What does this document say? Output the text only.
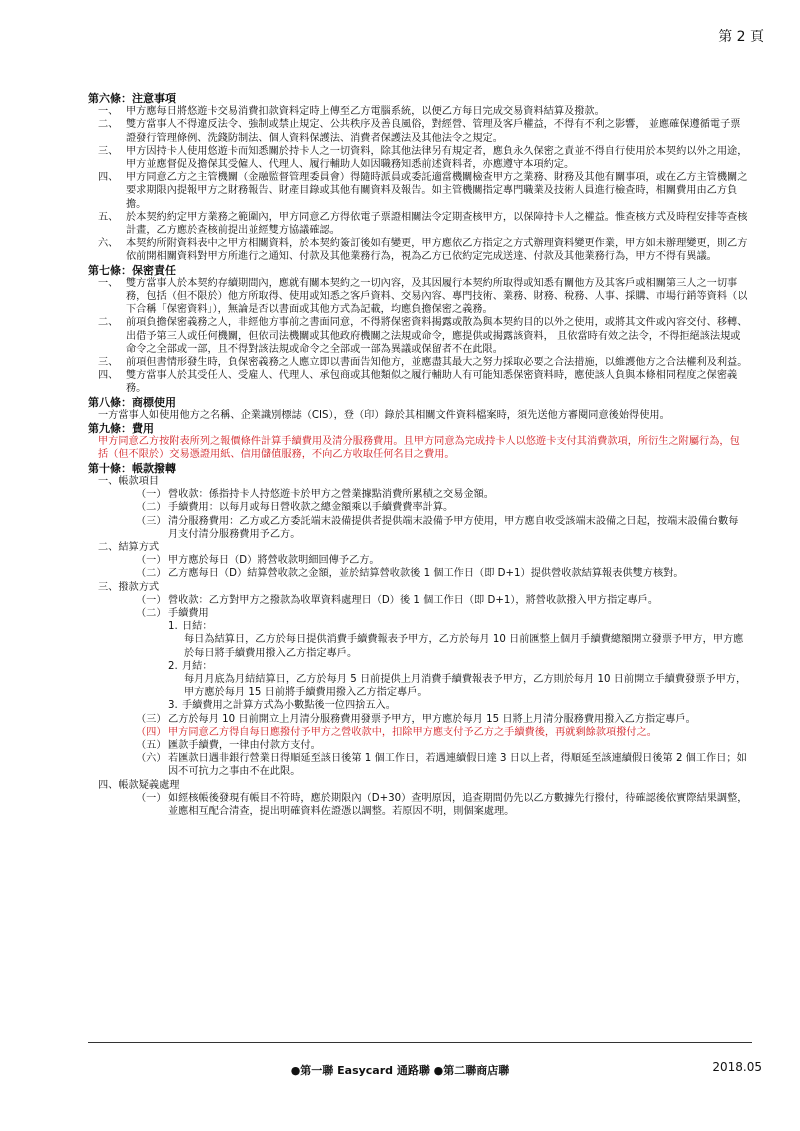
第 2 頁
第六條：注意事項
一、 甲方應每日將悠遊卡交易消費扣款資料定時上傳至乙方電腦系統，以便乙方每日完成交易資料結算及撥款。
二、 雙方當事人不得違反法令、強制或禁止規定、公共秩序及善良風俗，對經營、管理及客戶權益，不得有不利之影響， 並應確保遵循電子票證發行管理條例、洗錢防制法、個人資料保護法、消費者保護法及其他法令之規定。
三、 甲方因持卡人使用悠遊卡而知悉關於持卡人之一切資料，除其他法律另有規定者，應負永久保密之責並不得自行使用於本契約以外之用途，甲方並應督促及擔保其受僱人、代理人、履行輔助人如因職務知悉前述資料者，亦應遵守本項約定。
四、 甲方同意乙方之主管機關（金融監督管理委員會）得隨時派員或委託適當機關檢查甲方之業務、財務及其他有關事項，或在乙方主管機關之要求期限內提報甲方之財務報告、財產目錄或其他有關資料及報告。如主管機關指定專門職業及技術人員進行檢查時，相關費用由乙方負擔。
五、 於本契約約定甲方業務之範圍內，甲方同意乙方得依電子票證相關法令定期查核甲方，以保障持卡人之權益。惟查核方式及時程安排等查核計畫，乙方應於查核前提出並經雙方協議確認。
六、 本契約所附資料表中之甲方相關資料，於本契約簽訂後如有變更，甲方應依乙方指定之方式辦理資料變更作業，甲方如未辦理變更，則乙方依前開相關資料對甲方所進行之通知、付款及其他業務行為，視為乙方已依約定完成送達、付款及其他業務行為，甲方不得有異議。
第七條：保密責任
一、 雙方當事人於本契約存續期間內，應就有關本契約之一切內容，及其因履行本契約所取得或知悉有關他方及其客戶或相關第三人之一切事務，包括（但不限於）他方所取得、使用或知悉之客戶資料、交易內容、專門技術、業務、財務、稅務、人事、採購、市場行銷等資料（以下合稱「保密資料」），無論是否以書面或其他方式為記載，均應負擔保密之義務。
二、 前項負擔保密義務之人，非經他方事前之書面同意，不得將保密資料揭露或散為與本契約目的以外之使用，或將其文件或內容交付、移轉、出借予第三人或任何機關，但依司法機關或其他政府機關之法規或命令，應提供或揭露該資料， 且依當時有效之法令，不得拒絕該法規或命令之全部或一部，且不得對該法規或命令之全部或一部為異議或保留者不在此限。
三、 前項但書情形發生時，負保密義務之人應立即以書面告知他方，並應盡其最大之努力採取必要之合法措施，以維護他方之合法權利及利益。
四、 雙方當事人於其受任人、受雇人、代理人、承包商或其他類似之履行輔助人有可能知悉保密資料時，應使該人負與本條相同程度之保密義務。
第八條：商標使用
一方當事人如使用他方之名稱、企業識別標誌（CIS），登（印）錄於其相關文件資料檔案時，須先送他方審閱同意後始得使用。
第九條：費用
甲方同意乙方按附表所列之報價條件計算手續費用及清分服務費用。且甲方同意為完成持卡人以悠遊卡支付其消費款項，所衍生之附屬行為，包括（但不限於）交易憑證用紙、信用儲值服務，不向乙方收取任何名目之費用。
第十條：帳款撥轉
一、帳款項目
（一） 營收款：係指持卡人持悠遊卡於甲方之營業據點消費所累積之交易金額。
（二） 手續費用：以每月或每日營收款之總金額乘以手續費費率計算。
（三） 清分服務費用：乙方或乙方委託端末設備提供者提供端末設備予甲方使用，甲方應自收受該端末設備之日起，按端末設備台數每月支付清分服務費用予乙方。
二、結算方式
（一） 甲方應於每日（D）將營收款明細回傳予乙方。
（二） 乙方應每日（D）結算營收款之金額，並於結算營收款後 1 個工作日（即 D+1）提供營收款結算報表供雙方核對。
三、撥款方式
（一） 營收款：乙方對甲方之撥款為收單資料處理日（D）後 1 個工作日（即 D+1），將營收款撥入甲方指定專戶。
（二） 手續費用
1. 日結：
每日為結算日，乙方於每日提供消費手續費報表予甲方，乙方於每月 10 日前匯整上個月手續費總額開立發票予甲方，甲方應於每日將手續費用撥入乙方指定專戶。
2. 月結：
每月月底為月結結算日，乙方於每月 5 日前提供上月消費手續費報表予甲方，乙方則於每月 10 日前開立手續費發票予甲方，甲方應於每月 15 日前將手續費用撥入乙方指定專戶。
3. 手續費用之計算方式為小數點後一位四捨五入。
（三） 乙方於每月 10 日前開立上月清分服務費用發票予甲方，甲方應於每月 15 日將上月清分服務費用撥入乙方指定專戶。
（四） 甲方同意乙方得自每日應撥付予甲方之營收款中，扣除甲方應支付予乙方之手續費後，再就剩餘款項撥付之。
（五） 匯款手續費，一律由付款方支付。
（六） 若匯款日遇非銀行營業日得順延至該日後第 1 個工作日，若遇連續假日達 3 日以上者，得順延至該連續假日後第 2 個工作日；如因不可抗力之事由不在此限。
四、帳款疑義處理
（一） 如經核帳後發現有帳目不符時，應於期限內（D+30）查明原因，追查期間仍先以乙方數據先行撥付，待確認後依實際結果調整，並應相互配合清查，提出明確資料佐證憑以調整。若原因不明，則個案處理。
●第一聯 Easycard 通路聯 ●第二聯商店聯	2018.05
